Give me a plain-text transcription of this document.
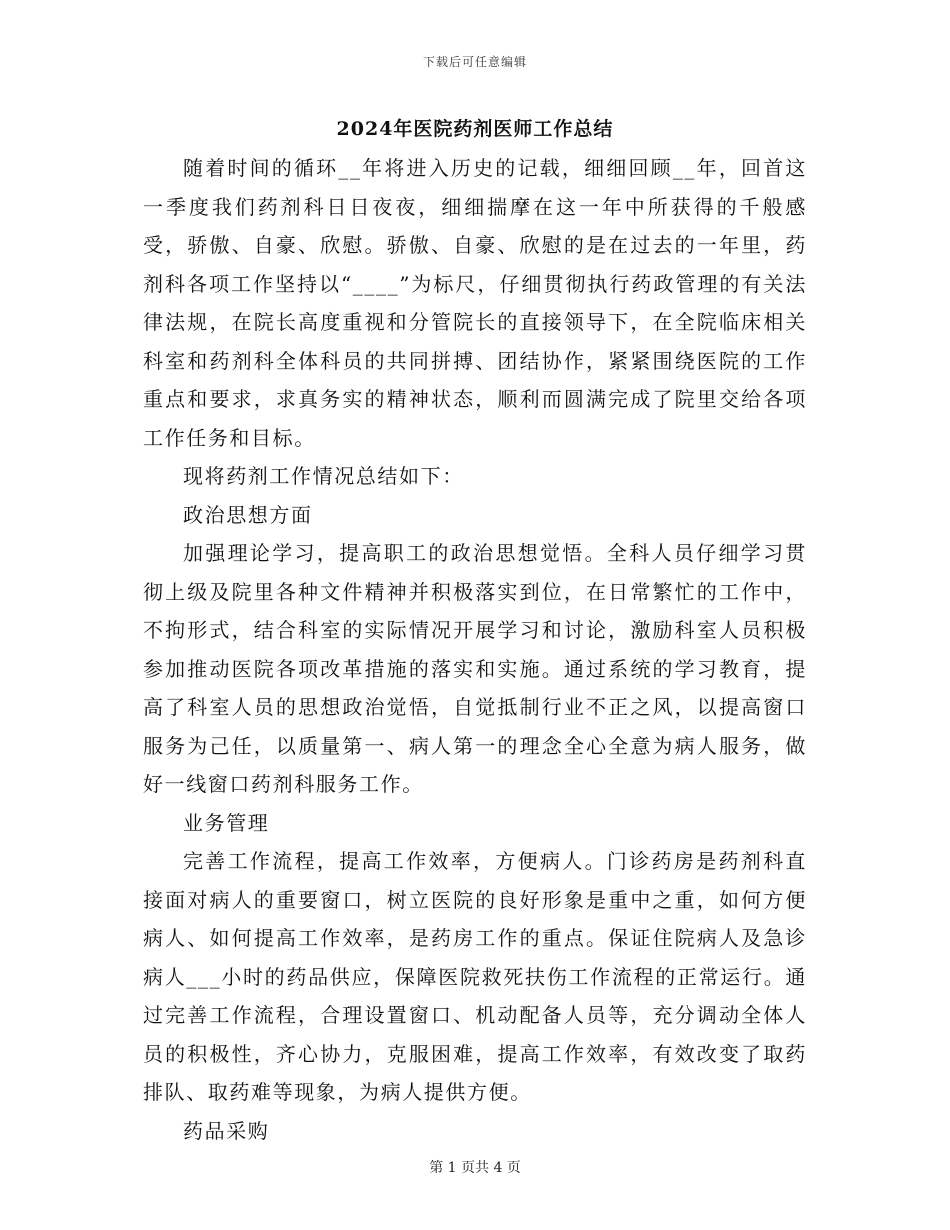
下载后可任意编辑
2024年医院药剂医师工作总结

随着时间的循环__年将进入历史的记载，细细回顾__年，回首这一季度我们药剂科日日夜夜，细细揣摩在这一年中所获得的千般感受，骄傲、自豪、欣慰。骄傲、自豪、欣慰的是在过去的一年里，药剂科各项工作坚持以“____”为标尺，仔细贯彻执行药政管理的有关法律法规，在院长高度重视和分管院长的直接领导下，在全院临床相关科室和药剂科全体科员的共同拼搏、团结协作，紧紧围绕医院的工作重点和要求，求真务实的精神状态，顺利而圆满完成了院里交给各项工作任务和目标。

现将药剂工作情况总结如下：

政治思想方面

加强理论学习，提高职工的政治思想觉悟。全科人员仔细学习贯彻上级及院里各种文件精神并积极落实到位，在日常繁忙的工作中，不拘形式，结合科室的实际情况开展学习和讨论，激励科室人员积极参加推动医院各项改革措施的落实和实施。通过系统的学习教育，提高了科室人员的思想政治觉悟，自觉抵制行业不正之风，以提高窗口服务为己任，以质量第一、病人第一的理念全心全意为病人服务，做好一线窗口药剂科服务工作。

业务管理

完善工作流程，提高工作效率，方便病人。门诊药房是药剂科直接面对病人的重要窗口，树立医院的良好形象是重中之重，如何方便病人、如何提高工作效率，是药房工作的重点。保证住院病人及急诊病人___小时的药品供应，保障医院救死扶伤工作流程的正常运行。通过完善工作流程，合理设置窗口、机动配备人员等，充分调动全体人员的积极性，齐心协力，克服困难，提高工作效率，有效改变了取药排队、取药难等现象，为病人提供方便。

药品采购

第 1 页共 4 页
